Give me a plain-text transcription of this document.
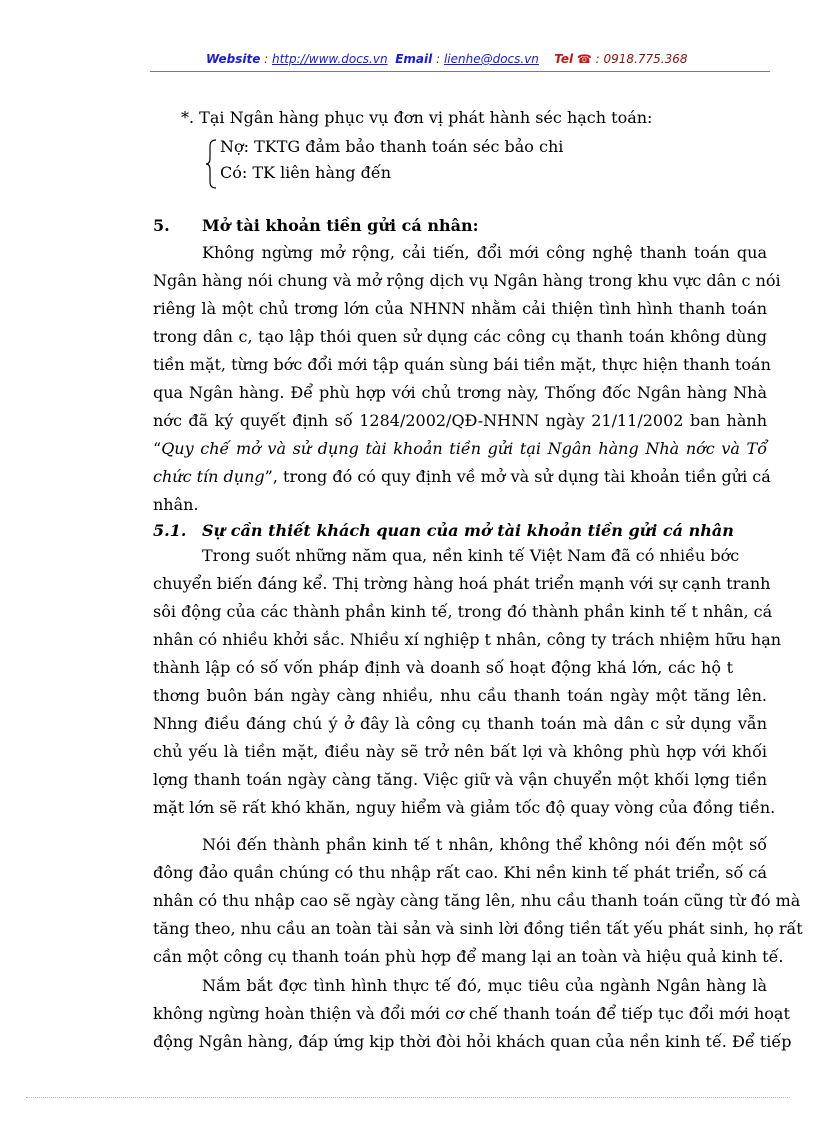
Website : http://www.docs.vn Email : lienhe@docs.vn Tel ☎ : 0918.775.368
*. Tại Ngân hàng phục vụ đơn vị phát hành séc hạch toán:
Nợ: TKTG đảm bảo thanh toán séc bảo chi
Có: TK liên hàng đến
5. Mở tài khoản tiền gửi cá nhân:
Không ngừng mở rộng, cải tiến, đổi mới công nghệ thanh toán qua
Ngân hàng nói chung và mở rộng dịch vụ Ngân hàng trong khu vực dân c nói
riêng là một chủ trơng lớn của NHNN nhằm cải thiện tình hình thanh toán
trong dân c, tạo lập thói quen sử dụng các công cụ thanh toán không dùng
tiền mặt, từng bớc đổi mới tập quán sùng bái tiền mặt, thực hiện thanh toán
qua Ngân hàng. Để phù hợp với chủ trơng này, Thống đốc Ngân hàng Nhà
nớc đã ký quyết định số 1284/2002/QĐ-NHNN ngày 21/11/2002 ban hành
“Quy chế mở và sử dụng tài khoản tiền gửi tại Ngân hàng Nhà nớc và Tổ
chức tín dụng”, trong đó có quy định về mở và sử dụng tài khoản tiền gửi cá
nhân.
5.1. Sự cần thiết khách quan của mở tài khoản tiền gửi cá nhân
Trong suốt những năm qua, nền kinh tế Việt Nam đã có nhiều bớc
chuyển biến đáng kể. Thị trờng hàng hoá phát triển mạnh với sự cạnh tranh
sôi động của các thành phần kinh tế, trong đó thành phần kinh tế t nhân, cá
nhân có nhiều khởi sắc. Nhiều xí nghiệp t nhân, công ty trách nhiệm hữu hạn
thành lập có số vốn pháp định và doanh số hoạt động khá lớn, các hộ t
thơng buôn bán ngày càng nhiều, nhu cầu thanh toán ngày một tăng lên.
Nhng điều đáng chú ý ở đây là công cụ thanh toán mà dân c sử dụng vẫn
chủ yếu là tiền mặt, điều này sẽ trở nên bất lợi và không phù hợp với khối
lợng thanh toán ngày càng tăng. Việc giữ và vận chuyển một khối lợng tiền
mặt lớn sẽ rất khó khăn, nguy hiểm và giảm tốc độ quay vòng của đồng tiền.
Nói đến thành phần kinh tế t nhân, không thể không nói đến một số
đông đảo quần chúng có thu nhập rất cao. Khi nền kinh tế phát triển, số cá
nhân có thu nhập cao sẽ ngày càng tăng lên, nhu cầu thanh toán cũng từ đó mà
tăng theo, nhu cầu an toàn tài sản và sinh lời đồng tiền tất yếu phát sinh, họ rất
cần một công cụ thanh toán phù hợp để mang lại an toàn và hiệu quả kinh tế.
Nắm bắt đợc tình hình thực tế đó, mục tiêu của ngành Ngân hàng là
không ngừng hoàn thiện và đổi mới cơ chế thanh toán để tiếp tục đổi mới hoạt
động Ngân hàng, đáp ứng kịp thời đòi hỏi khách quan của nền kinh tế. Để tiếp
